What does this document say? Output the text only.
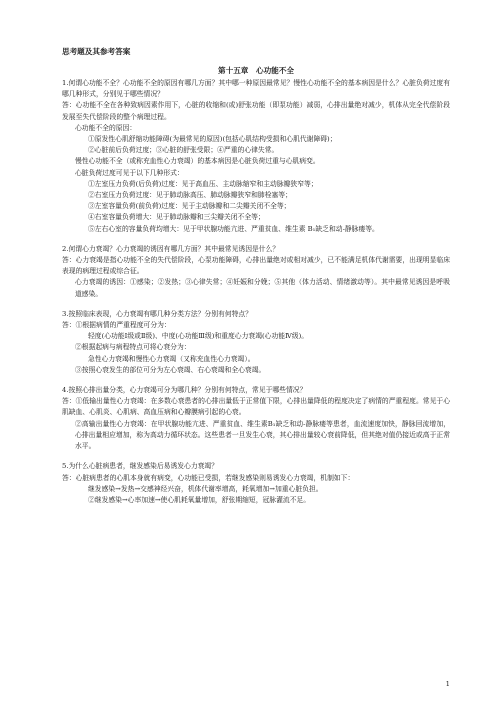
思考题及其参考答案
第十五章　心功能不全

1.何谓心功能不全？心功能不全的原因有哪几方面？其中哪一种原因最常见？慢性心功能不全的基本病因是什么？心脏负荷过度有哪几种形式，分别见于哪些情况？

答：心功能不全在各种致病因素作用下，心脏的收缩和(或)舒张功能（即泵功能）减弱，心排出量绝对减少，机体从完全代偿阶段发展至失代偿阶段的整个病理过程。

心功能不全的原因：

①原发性心肌舒缩功能障碍(为最常见的原因)(包括心肌结构受损和心肌代谢障碍)；

②心脏前后负荷过度；③心脏的舒张受限；④严重的心律失常。

慢性心功能不全（或称充血性心力衰竭）的基本病因是心脏负荷过重与心肌病变。

心脏负荷过度可见于以下几种形式：

①左室压力负荷(后负荷)过度：见于高血压、主动脉缩窄和主动脉瓣狭窄等；

②右室压力负荷过度：见于肺动脉高压、肺动脉瓣狭窄和肺栓塞等；

③左室容量负荷(前负荷)过度：见于主动脉瓣和二尖瓣关闭不全等；

④右室容量负荷增大：见于肺动脉瓣和三尖瓣关闭不全等；

⑤左右心室的容量负荷均增大：见于甲状腺功能亢进、严重贫血、维生素 B₁缺乏和动-静脉瘘等。

2.何谓心力衰竭？心力衰竭的诱因有哪几方面？其中最常见诱因是什么？

答：心力衰竭是指心功能不全的失代偿阶段，心泵功能障碍，心排出量绝对或相对减少，已不能满足机体代谢需要，出现明显临床表现的病理过程或综合征。

心力衰竭的诱因：①感染；②发热；③心律失常；④妊娠和分娩；⑤其他（体力活动、情绪激动等）。其中最常见诱因是呼吸道感染。

3.按照临床表现，心力衰竭有哪几种分类方法？分别有何特点？

答：①根据病情的严重程度可分为：

轻度(心功能Ⅰ级或Ⅱ级)、中度(心功能Ⅲ级)和重度心力衰竭(心功能Ⅳ级)。

②根据起病与病程特点可将心衰分为：

急性心力衰竭和慢性心力衰竭（又称充血性心力衰竭）。

③按照心衰发生的部位可分为左心衰竭、右心衰竭和全心衰竭。

4.按照心排出量分类，心力衰竭可分为哪几种？分别有何特点，常见于哪些情况？

答：①低输出量性心力衰竭：在多数心衰患者的心排出量低于正常值下限，心排出量降低的程度决定了病情的严重程度。常见于心肌缺血、心肌炎、心肌病、高血压病和心瓣膜病引起的心衰。

②高输出量性心力衰竭：在甲状腺功能亢进、严重贫血、维生素B₁缺乏和动-静脉瘘等患者，血流速度加快，静脉回流增加，心排出量相应增加，称为高动力循环状态。这些患者一旦发生心衰，其心排出量较心衰前降低，但其绝对值仍接近或高于正常水平。

5.为什么心脏病患者，继发感染后易诱发心力衰竭？

答：心脏病患者的心肌本身就有病变，心功能已受损，若继发感染则易诱发心力衰竭，机制如下：

继发感染→发热→交感神经兴奋，机体代谢率增高，耗氧增加→加重心脏负担。

②继发感染→心率加速→使心肌耗氧量增加，舒张期缩短，冠脉灌流不足。

1
